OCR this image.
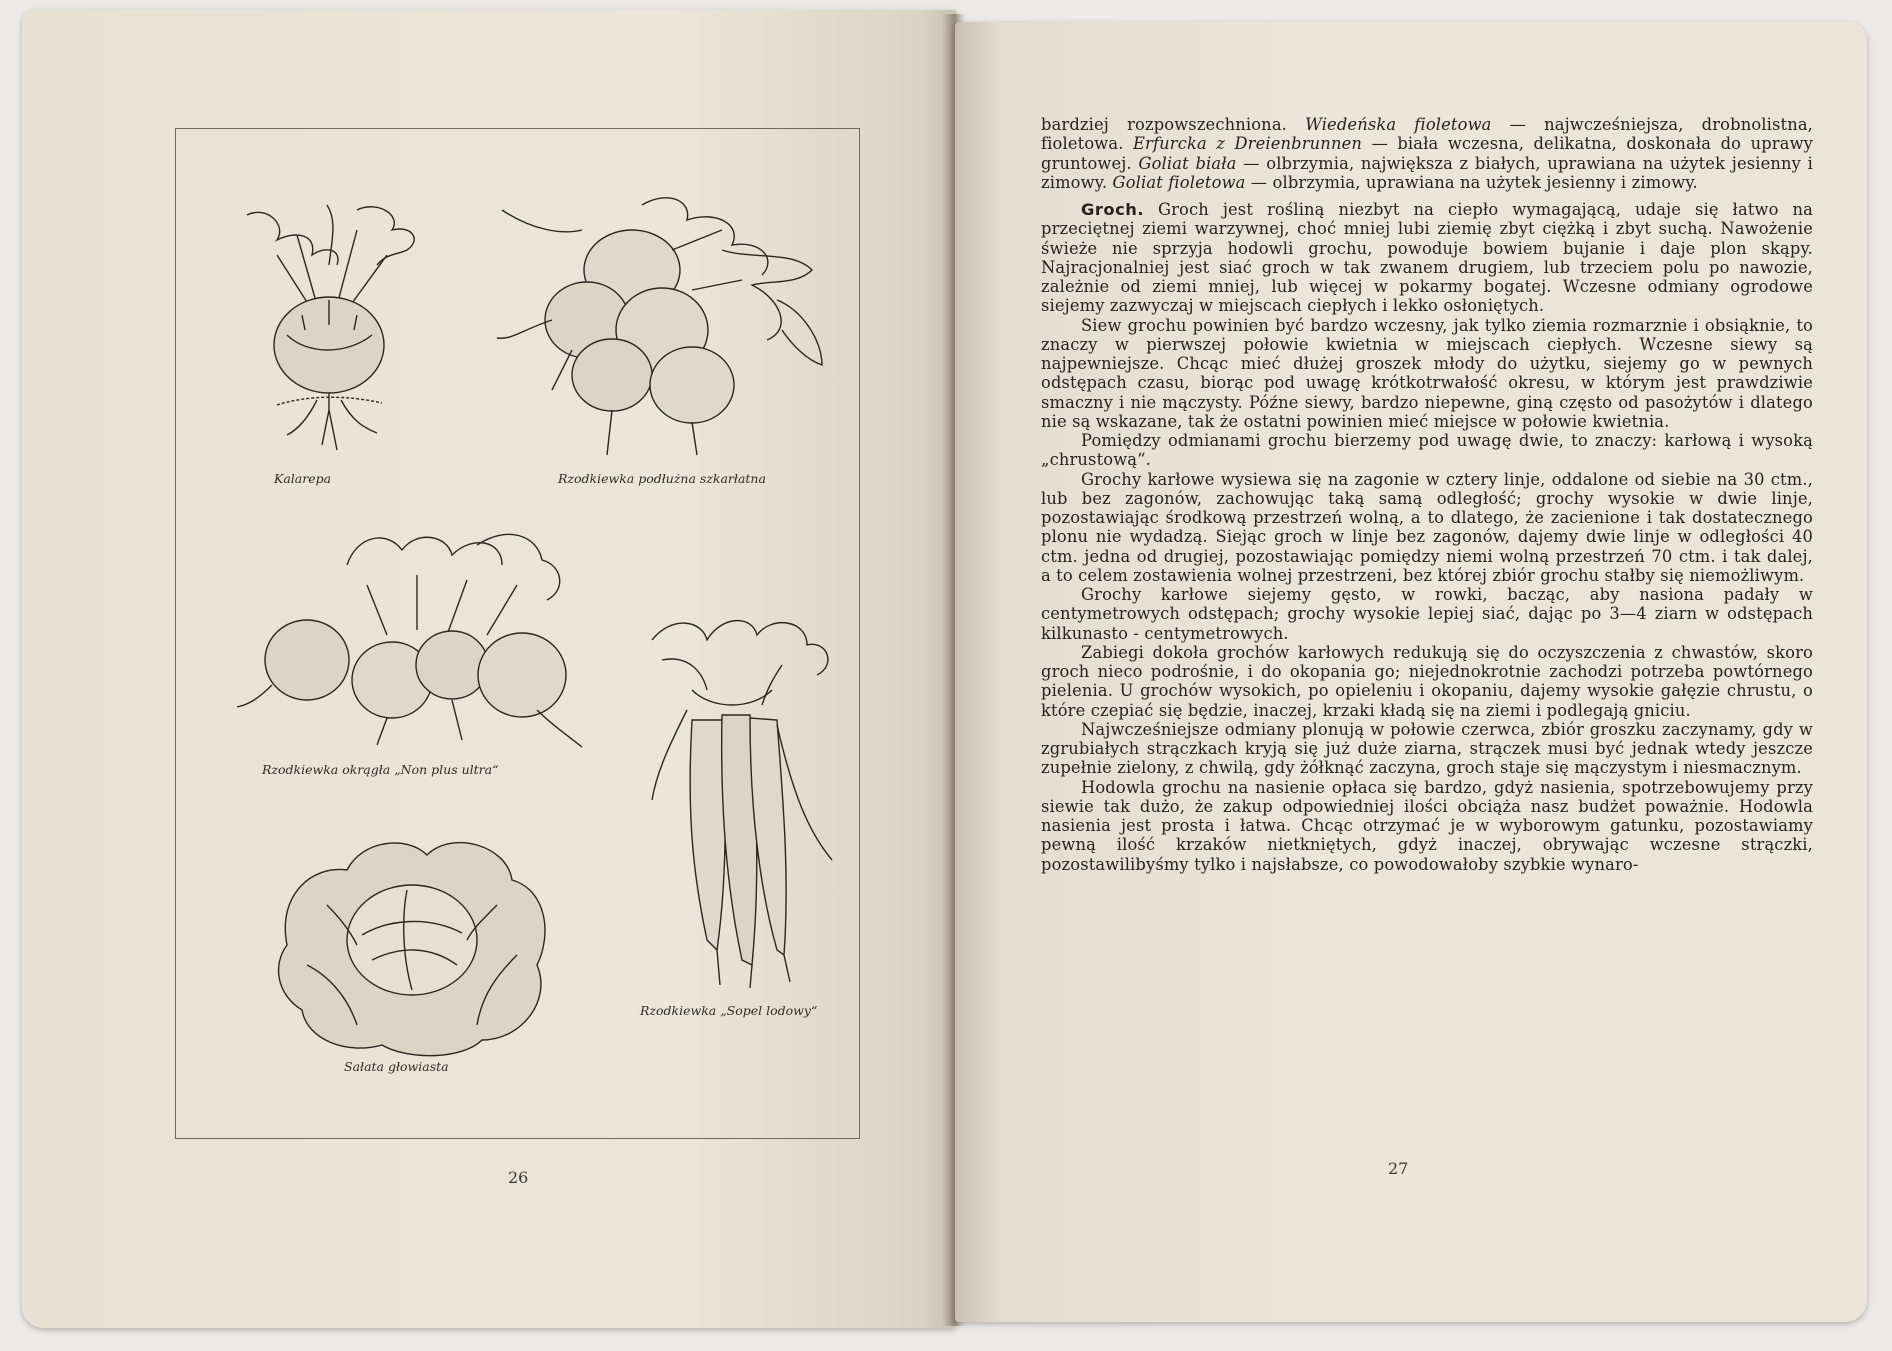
Kalarepa	Rzodkiewka podłużna szkarłatna
Rzodkiewka okrągła „Non plus ultra“
Rzodkiewka „Sopel lodowy“
Sałata głowiasta
26

bardziej rozpowszechniona. Wiedeńska fioletowa — najwcześniejsza, drobnolistna, fioletowa. Erfurcka z Dreienbrunnen — biała wczesna, delikatna, doskonała do uprawy gruntowej. Goliat biała — olbrzymia, największa z białych, uprawiana na użytek jesienny i zimowy. Goliat fioletowa — olbrzymia, uprawiana na użytek jesienny i zimowy.

Groch. Groch jest rośliną niezbyt na ciepło wymagającą, udaje się łatwo na przeciętnej ziemi warzywnej, choć mniej lubi ziemię zbyt ciężką i zbyt suchą. Nawożenie świeże nie sprzyja hodowli grochu, powoduje bowiem bujanie i daje plon skąpy. Najracjonalniej jest siać groch w tak zwanem drugiem, lub trzeciem polu po nawozie, zależnie od ziemi mniej, lub więcej w pokarmy bogatej. Wczesne odmiany ogrodowe siejemy zazwyczaj w miejscach ciepłych i lekko osłoniętych.

Siew grochu powinien być bardzo wczesny, jak tylko ziemia rozmarznie i obsiąknie, to znaczy w pierwszej połowie kwietnia w miejscach ciepłych. Wczesne siewy są najpewniejsze. Chcąc mieć dłużej groszek młody do użytku, siejemy go w pewnych odstępach czasu, biorąc pod uwagę krótkotrwałość okresu, w którym jest prawdziwie smaczny i nie mączysty. Późne siewy, bardzo niepewne, giną często od pasożytów i dlatego nie są wskazane, tak że ostatni powinien mieć miejsce w połowie kwietnia.

Pomiędzy odmianami grochu bierzemy pod uwagę dwie, to znaczy: karłową i wysoką „chrustową“.

Grochy karłowe wysiewa się na zagonie w cztery linje, oddalone od siebie na 30 ctm., lub bez zagonów, zachowując taką samą odległość; grochy wysokie w dwie linje, pozostawiając środkową przestrzeń wolną, a to dlatego, że zacienione i tak dostatecznego plonu nie wydadzą. Siejąc groch w linje bez zagonów, dajemy dwie linje w odległości 40 ctm. jedna od drugiej, pozostawiając pomiędzy niemi wolną przestrzeń 70 ctm. i tak dalej, a to celem zostawienia wolnej przestrzeni, bez której zbiór grochu stałby się niemożliwym.

Grochy karłowe siejemy gęsto, w rowki, bacząc, aby nasiona padały w centymetrowych odstępach; grochy wysokie lepiej siać, dając po 3—4 ziarn w odstępach kilkunasto - centymetrowych.

Zabiegi dokoła grochów karłowych redukują się do oczyszczenia z chwastów, skoro groch nieco podrośnie, i do okopania go; niejednokrotnie zachodzi potrzeba powtórnego pielenia. U grochów wysokich, po opieleniu i okopaniu, dajemy wysokie gałęzie chrustu, o które czepiać się będzie, inaczej, krzaki kładą się na ziemi i podlegają gniciu.

Najwcześniejsze odmiany plonują w połowie czerwca, zbiór groszku zaczynamy, gdy w zgrubiałych strączkach kryją się już duże ziarna, strączek musi być jednak wtedy jeszcze zupełnie zielony, z chwilą, gdy żółknąć zaczyna, groch staje się mączystym i niesmacznym.

Hodowla grochu na nasienie opłaca się bardzo, gdyż nasienia, spotrzebowujemy przy siewie tak dużo, że zakup odpowiedniej ilości obciąża nasz budżet poważnie. Hodowla nasienia jest prosta i łatwa. Chcąc otrzymać je w wyborowym gatunku, pozostawiamy pewną ilość krzaków nietkniętych, gdyż inaczej, obrywając wczesne strączki, pozostawilibyśmy tylko i najsłabsze, co powodowałoby szybkie wynaro-

27
